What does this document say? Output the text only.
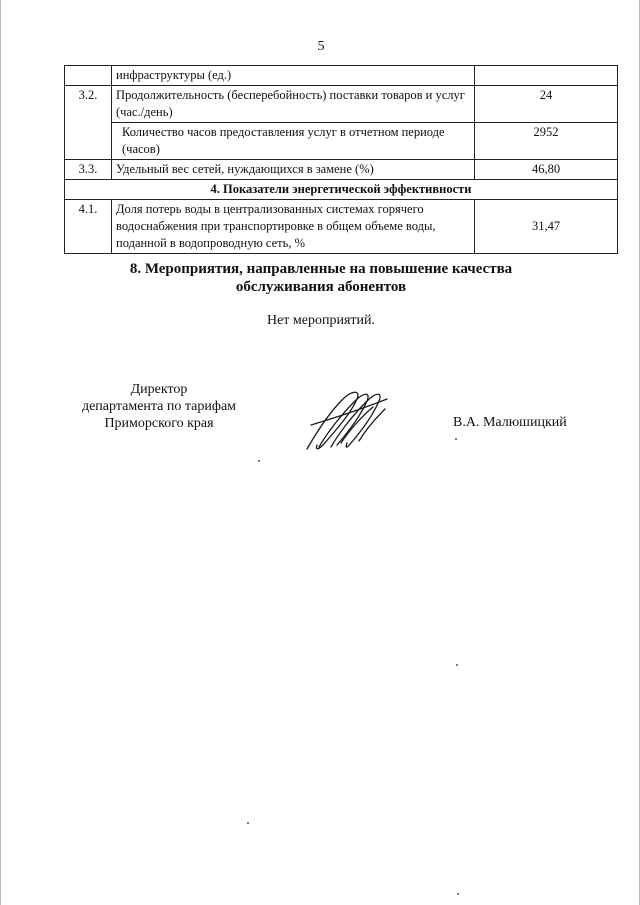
5
	инфраструктуры (ед.)	
3.2.	Продолжительность (бесперебойность) поставки товаров и услуг (час./день)	24
	Количество часов предоставления услуг в отчетном периоде (часов)	2952
3.3.	Удельный вес сетей, нуждающихся в замене (%)	46,80
4. Показатели энергетической эффективности		
4.1.	Доля потерь воды в централизованных системах горячего водоснабжения при транспортировке в общем объеме воды, поданной в водопроводную сеть, %	31,47
8. Мероприятия, направленные на повышение качества
обслуживания абонентов
Нет мероприятий.
Директор
департамента по тарифам
Приморского края	В.А. Малюшицкий
